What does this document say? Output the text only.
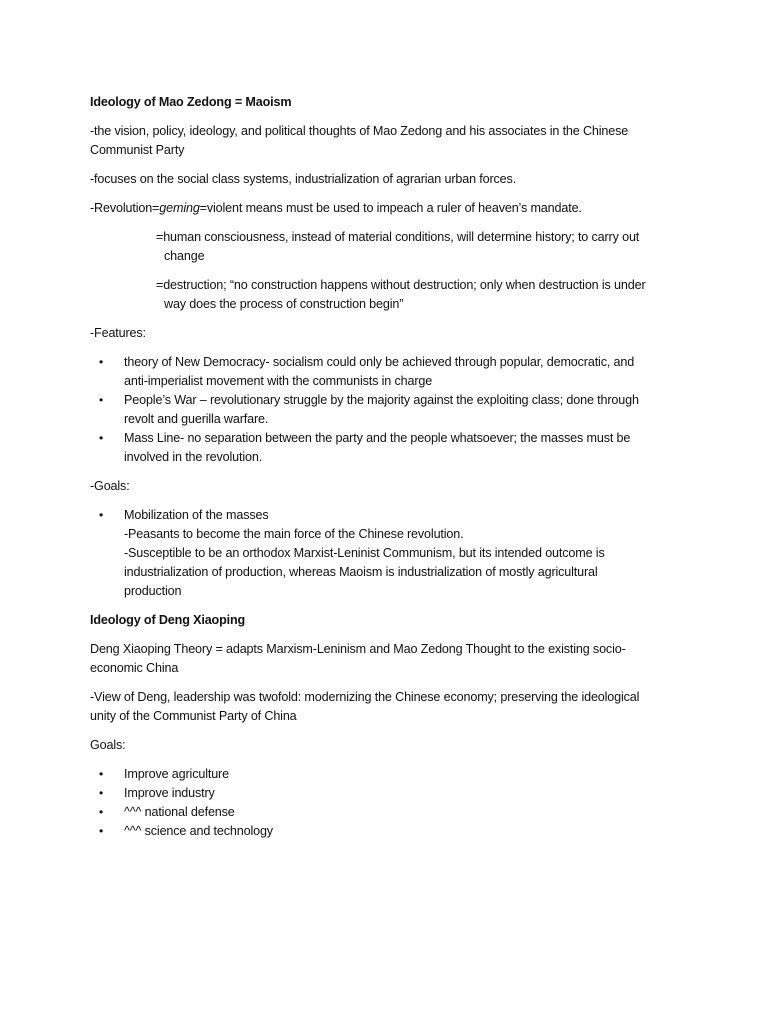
Ideology of Mao Zedong = Maoism

-the vision, policy, ideology, and political thoughts of Mao Zedong and his associates in the Chinese Communist Party

-focuses on the social class systems, industrialization of agrarian urban forces.

-Revolution=geming=violent means must be used to impeach a ruler of heaven’s mandate.

=human consciousness, instead of material conditions, will determine history; to carry out
change

=destruction; “no construction happens without destruction; only when destruction is under
way does the process of construction begin”

-Features:

• theory of New Democracy- socialism could only be achieved through popular, democratic, and
anti-imperialist movement with the communists in charge
• People’s War – revolutionary struggle by the majority against the exploiting class; done through
revolt and guerilla warfare.
• Mass Line- no separation between the party and the people whatsoever; the masses must be
involved in the revolution.

-Goals:

• Mobilization of the masses
-Peasants to become the main force of the Chinese revolution.
-Susceptible to be an orthodox Marxist-Leninist Communism, but its intended outcome is
industrialization of production, whereas Maoism is industrialization of mostly agricultural
production

Ideology of Deng Xiaoping

Deng Xiaoping Theory = adapts Marxism-Leninism and Mao Zedong Thought to the existing socio-
economic China

-View of Deng, leadership was twofold: modernizing the Chinese economy; preserving the ideological
unity of the Communist Party of China

Goals:

• Improve agriculture
• Improve industry
• ^^^ national defense
• ^^^ science and technology
